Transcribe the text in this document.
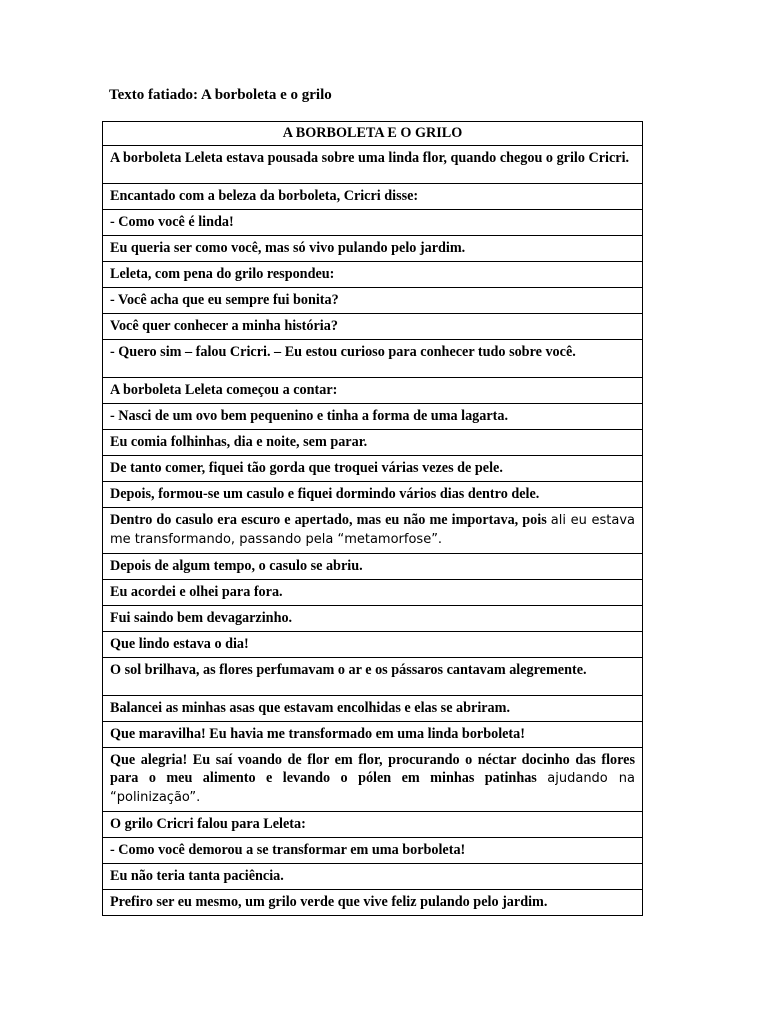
Texto fatiado: A borboleta e o grilo
A BORBOLETA E O GRILO
A borboleta Leleta estava pousada sobre uma linda flor, quando chegou o grilo Cricri.
Encantado com a beleza da borboleta, Cricri disse:
- Como você é linda!
Eu queria ser como você, mas só vivo pulando pelo jardim.
Leleta, com pena do grilo respondeu:
- Você acha que eu sempre fui bonita?
Você quer conhecer a minha história?
- Quero sim – falou Cricri. – Eu estou curioso para conhecer tudo sobre você.
A borboleta Leleta começou a contar:
- Nasci de um ovo bem pequenino e tinha a forma de uma lagarta.
Eu comia folhinhas, dia e noite, sem parar.
De tanto comer, fiquei tão gorda que troquei várias vezes de pele.
Depois, formou-se um casulo e fiquei dormindo vários dias dentro dele.
Dentro do casulo era escuro e apertado, mas eu não me importava, pois ali eu estava me transformando, passando pela “metamorfose”.
Depois de algum tempo, o casulo se abriu.
Eu acordei e olhei para fora.
Fui saindo bem devagarzinho.
Que lindo estava o dia!
O sol brilhava, as flores perfumavam o ar e os pássaros cantavam alegremente.
Balancei as minhas asas que estavam encolhidas e elas se abriram.
Que maravilha! Eu havia me transformado em uma linda borboleta!
Que alegria! Eu saí voando de flor em flor, procurando o néctar docinho das flores para o meu alimento e levando o pólen em minhas patinhas ajudando na “polinização”.
O grilo Cricri falou para Leleta:
- Como você demorou a se transformar em uma borboleta!
Eu não teria tanta paciência.
Prefiro ser eu mesmo, um grilo verde que vive feliz pulando pelo jardim.
